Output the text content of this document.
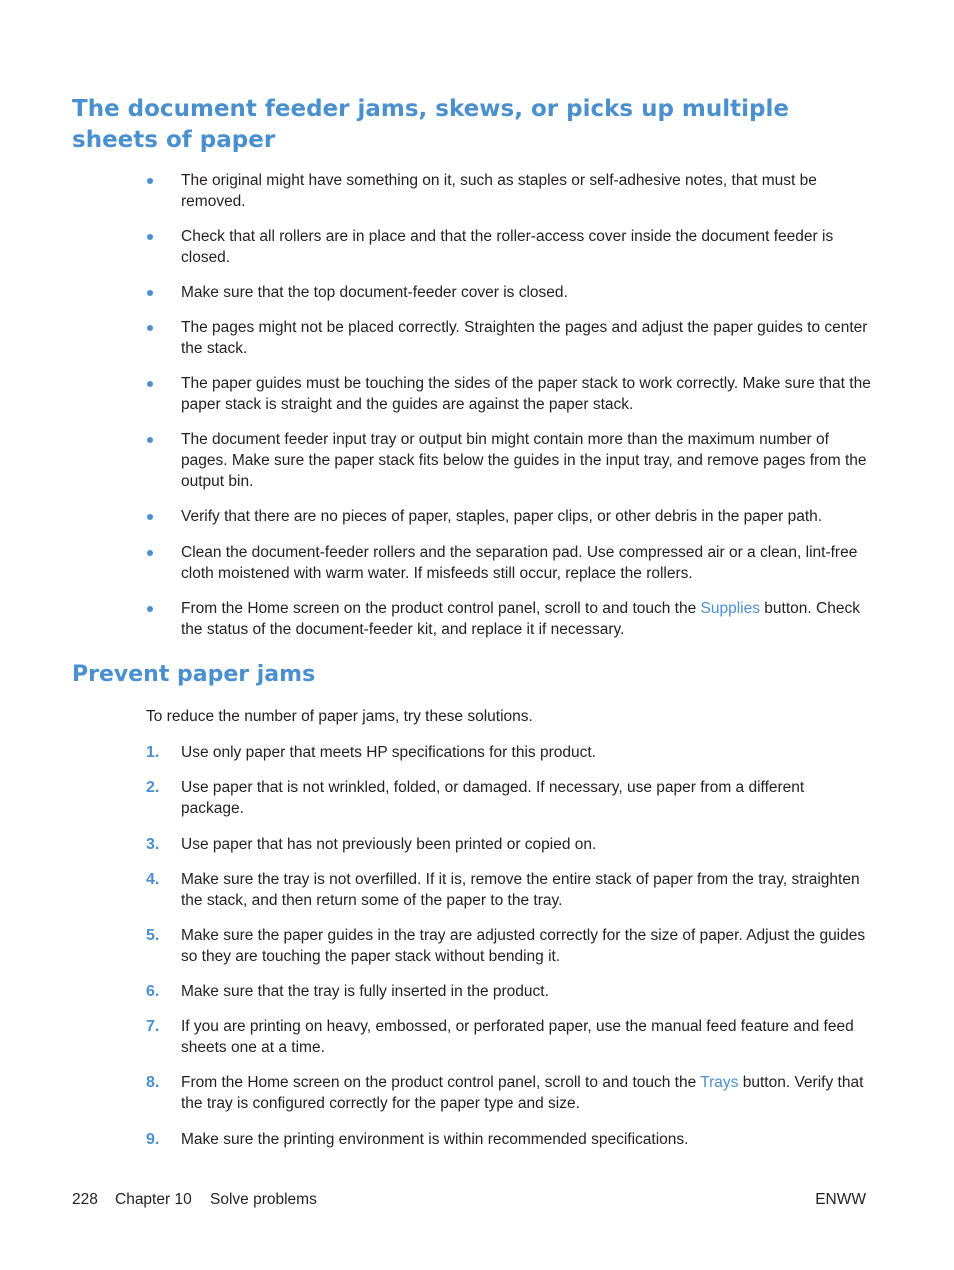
The document feeder jams, skews, or picks up multiple sheets of paper
The original might have something on it, such as staples or self-adhesive notes, that must be removed.
Check that all rollers are in place and that the roller-access cover inside the document feeder is closed.
Make sure that the top document-feeder cover is closed.
The pages might not be placed correctly. Straighten the pages and adjust the paper guides to center the stack.
The paper guides must be touching the sides of the paper stack to work correctly. Make sure that the paper stack is straight and the guides are against the paper stack.
The document feeder input tray or output bin might contain more than the maximum number of pages. Make sure the paper stack fits below the guides in the input tray, and remove pages from the output bin.
Verify that there are no pieces of paper, staples, paper clips, or other debris in the paper path.
Clean the document-feeder rollers and the separation pad. Use compressed air or a clean, lint-free cloth moistened with warm water. If misfeeds still occur, replace the rollers.
From the Home screen on the product control panel, scroll to and touch the Supplies button. Check the status of the document-feeder kit, and replace it if necessary.
Prevent paper jams

To reduce the number of paper jams, try these solutions.

1. Use only paper that meets HP specifications for this product.
2. Use paper that is not wrinkled, folded, or damaged. If necessary, use paper from a different package.
3. Use paper that has not previously been printed or copied on.
4. Make sure the tray is not overfilled. If it is, remove the entire stack of paper from the tray, straighten the stack, and then return some of the paper to the tray.
5. Make sure the paper guides in the tray are adjusted correctly for the size of paper. Adjust the guides so they are touching the paper stack without bending it.
6. Make sure that the tray is fully inserted in the product.
7. If you are printing on heavy, embossed, or perforated paper, use the manual feed feature and feed sheets one at a time.
8. From the Home screen on the product control panel, scroll to and touch the Trays button. Verify that the tray is configured correctly for the paper type and size.
9. Make sure the printing environment is within recommended specifications.
228 Chapter 10 Solve problems	ENWW
